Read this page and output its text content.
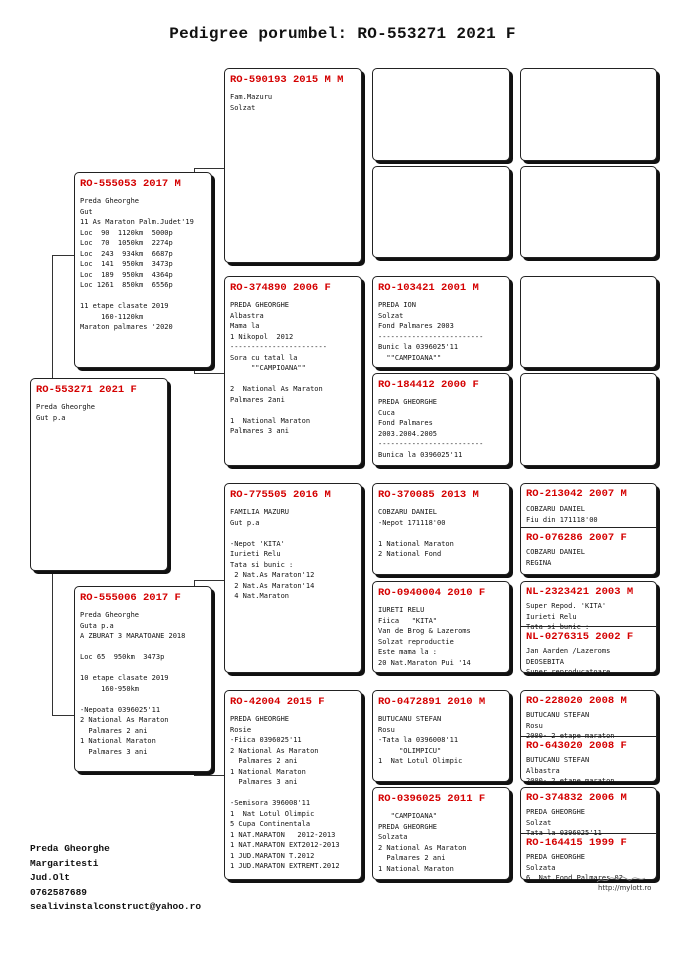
Pedigree porumbel: RO-553271 2021 F
RO-553271 2021 F
Preda Gheorghe
Gut p.a
RO-555053 2017 M
Preda Gheorghe
Gut
11 As Maraton Palm.Judet'19
Loc  90  1120km  5000p
Loc  70  1050km  2274p
Loc  243  934km  6687p
Loc  141  950km  3473p
Loc  189  950km  4364p
Loc 1261  850km  6556p

11 etape clasate 2019
160-1120km
Maraton palmares '2020
RO-555006 2017 F
Preda Gheorghe
Guta p.a
A ZBURAT 3 MARATOANE 2018

Loc 65  950km  3473p

10 etape clasate 2019
160-950km

-Nepoata 0396025'11
2 National As Maraton
Palmares 2 ani
1 National Maraton
Palmares 3 ani
RO-590193 2015 M M
Fam.Mazuru
Solzat
RO-374890 2006 F
PREDA GHEORGHE
Albastra
Mama la
1 Nikopol  2012
-----------------------
Sora cu tatal la
""CAMPIOANA""

2  National As Maraton
Palmares 2ani

1  National Maraton
Palmares 3 ani
RO-775505 2016 M
FAMILIA MAZURU
Gut p.a

-Nepot 'KITA'
Iurieti Relu
Tata si bunic :
2 Nat.As Maraton'12
2 Nat.As Maraton'14
4 Nat.Maraton
RO-42004 2015 F
PREDA GHEORGHE
Rosie
-Fiica 0396025'11
2 National As Maraton
Palmares 2 ani
1 National Maraton
Palmares 3 ani

-Semisora 396008'11
1  Nat Lotul Olimpic
5 Cupa Continentala
1 NAT.MARATON   2012-2013
1 NAT.MARATON EXT2012-2013
1 JUD.MARATON T.2012
1 JUD.MARATON EXTREMT.2012
RO-103421 2001 M
PREDA ION
Solzat
Fond Palmares 2003
-------------------------
Bunic la 0396025'11
""CAMPIOANA""
RO-184412 2000 F
PREDA GHEORGHE
Cuca
Fond Palmares
2003.2004.2005
-------------------------
Bunica la 0396025'11
RO-370085 2013 M
COBZARU DANIEL
-Nepot 171118'00

1 National Maraton
2 National Fond
RO-0940004 2010 F
IURETI RELU
Fiica   "KITA"
Van de Brog & Lazeroms
Solzat reproductie
Este mama la :
20 Nat.Maraton Pui '14
RO-0472891 2010 M
BUTUCANU STEFAN
Rosu
-Tata la 0396008'11
"OLIMPICU"
1  Nat Lotul Olimpic
RO-0396025 2011 F
"CAMPIOANA"
PREDA GHEORGHE
Solzata
2 National As Maraton
Palmares 2 ani
1 National Maraton
RO-213042 2007 M
COBZARU DANIEL
Fiu din 171118'00
RO-076286 2007 F
COBZARU DANIEL
REGINA
NL-2323421 2003 M
Super Repod. 'KITA'
Iurieti Relu
Tata si bunic :
NL-0276315 2002 F
Jan Aarden /Lazeroms
DEOSEBITA
Super reproducatoare
RO-228020 2008 M
BUTUCANU STEFAN
Rosu
2000- 2 etape maraton
RO-643020 2008 F
BUTUCANU STEFAN
Albastra
2000- 2 etape maraton
RO-374832 2006 M
PREDA GHEORGHE
Solzat
Tata la 0396025'11
RO-164415 1999 F
PREDA GHEORGHE
Solzata
6  Nat.Fond Palmares 02
Preda Gheorghe
Margaritesti
Jud.Olt
0762587689
sealivinstalconstruct@yahoo.ro
http://mylott.ro
